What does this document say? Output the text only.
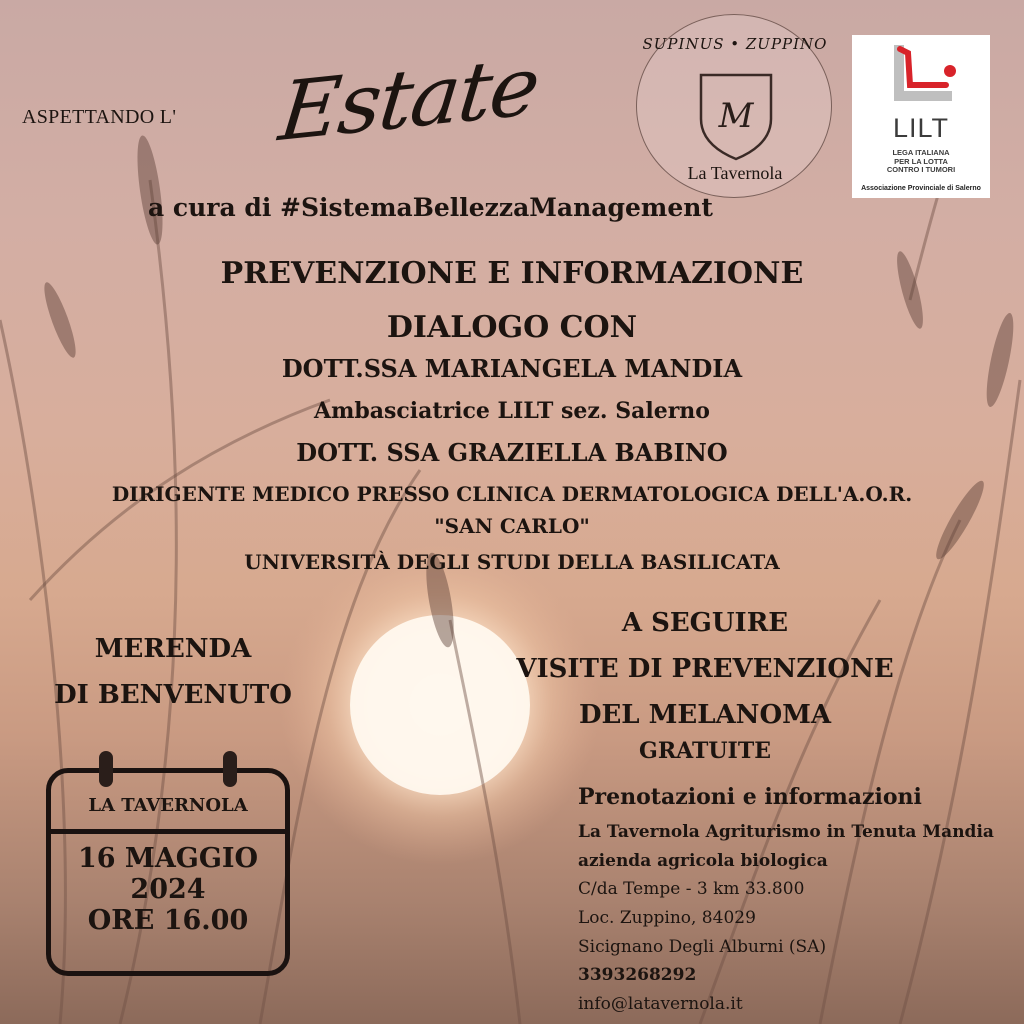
ASPETTANDO L' Estate
a cura di #SistemaBellezzaManagement
SUPINUS • ZUPPINO
M
La Tavernola
LILT
LEGA ITALIANA
PER LA LOTTA
CONTRO I TUMORI
Associazione Provinciale di Salerno
PREVENZIONE E INFORMAZIONE
DIALOGO CON
DOTT.SSA MARIANGELA MANDIA
Ambasciatrice LILT sez. Salerno
DOTT. SSA GRAZIELLA BABINO
DIRIGENTE MEDICO PRESSO CLINICA DERMATOLOGICA DELL'A.O.R.
"SAN CARLO"
UNIVERSITÀ DEGLI STUDI DELLA BASILICATA
MERENDA
DI BENVENUTO
A SEGUIRE
VISITE DI PREVENZIONE
DEL MELANOMA
GRATUITE
LA TAVERNOLA
16 MAGGIO
2024
ORE 16.00
Prenotazioni e informazioni
La Tavernola Agriturismo in Tenuta Mandia
azienda agricola biologica
C/da Tempe - 3 km 33.800
Loc. Zuppino, 84029
Sicignano Degli Alburni (SA)
3393268292
info@latavernola.it
